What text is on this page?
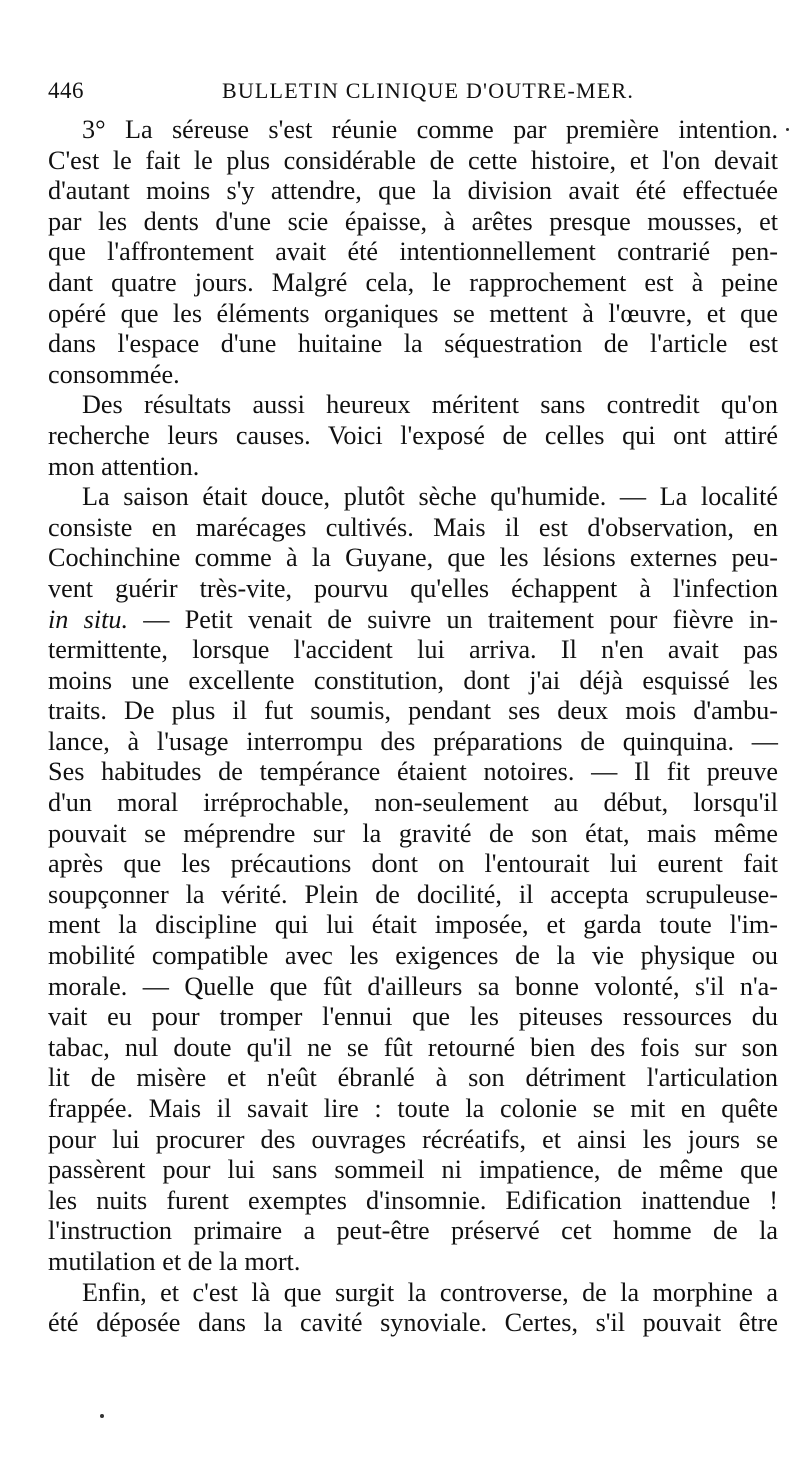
446	BULLETIN CLINIQUE D'OUTRE-MER.

3° La séreuse s'est réunie comme par première intention.
C'est le fait le plus considérable de cette histoire, et l'on devait
d'autant moins s'y attendre, que la division avait été effectuée
par les dents d'une scie épaisse, à arêtes presque mousses, et
que l'affrontement avait été intentionnellement contrarié pen-
dant quatre jours. Malgré cela, le rapprochement est à peine
opéré que les éléments organiques se mettent à l'œuvre, et que
dans l'espace d'une huitaine la séquestration de l'article est
consommée.

Des résultats aussi heureux méritent sans contredit qu'on
recherche leurs causes. Voici l'exposé de celles qui ont attiré
mon attention.

La saison était douce, plutôt sèche qu'humide. — La localité
consiste en marécages cultivés. Mais il est d'observation, en
Cochinchine comme à la Guyane, que les lésions externes peu-
vent guérir très-vite, pourvu qu'elles échappent à l'infection
in situ. — Petit venait de suivre un traitement pour fièvre in-
termittente, lorsque l'accident lui arriva. Il n'en avait pas
moins une excellente constitution, dont j'ai déjà esquissé les
traits. De plus il fut soumis, pendant ses deux mois d'ambu-
lance, à l'usage interrompu des préparations de quinquina. —
Ses habitudes de tempérance étaient notoires. — Il fit preuve
d'un moral irréprochable, non-seulement au début, lorsqu'il
pouvait se méprendre sur la gravité de son état, mais même
après que les précautions dont on l'entourait lui eurent fait
soupçonner la vérité. Plein de docilité, il accepta scrupuleuse-
ment la discipline qui lui était imposée, et garda toute l'im-
mobilité compatible avec les exigences de la vie physique ou
morale. — Quelle que fût d'ailleurs sa bonne volonté, s'il n'a-
vait eu pour tromper l'ennui que les piteuses ressources du
tabac, nul doute qu'il ne se fût retourné bien des fois sur son
lit de misère et n'eût ébranlé à son détriment l'articulation
frappée. Mais il savait lire : toute la colonie se mit en quête
pour lui procurer des ouvrages récréatifs, et ainsi les jours se
passèrent pour lui sans sommeil ni impatience, de même que
les nuits furent exemptes d'insomnie. Edification inattendue !
l'instruction primaire a peut-être préservé cet homme de la
mutilation et de la mort.

Enfin, et c'est là que surgit la controverse, de la morphine a
été déposée dans la cavité synoviale. Certes, s'il pouvait être
